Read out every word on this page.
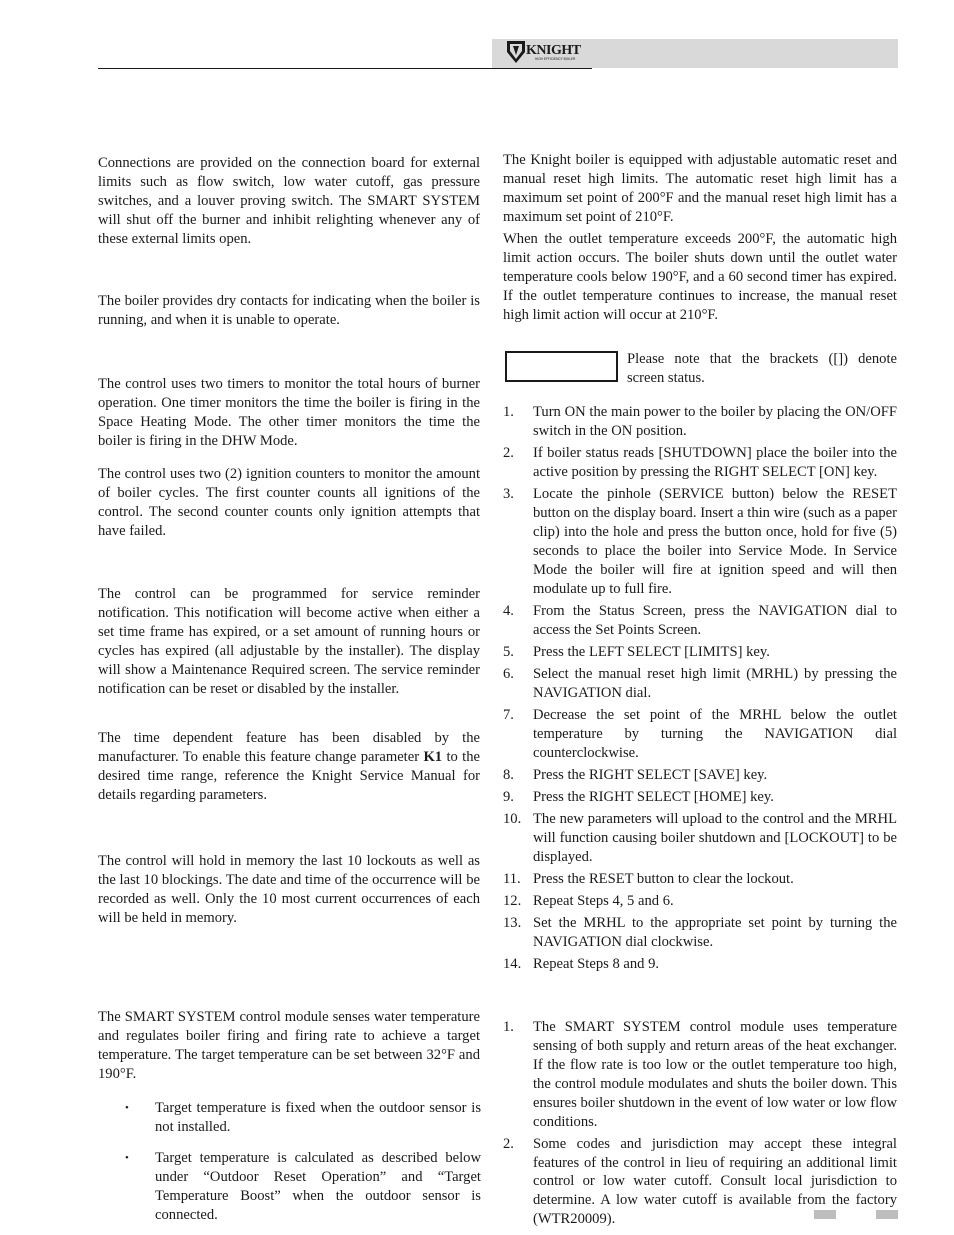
KNIGHT
HIGH EFFICIENCY BOILER

Connections are provided on the connection board for external limits such as flow switch, low water cutoff, gas pressure switches, and a louver proving switch. The SMART SYSTEM will shut off the burner and inhibit relighting whenever any of these external limits open.

The boiler provides dry contacts for indicating when the boiler is running, and when it is unable to operate.

The control uses two timers to monitor the total hours of burner operation. One timer monitors the time the boiler is firing in the Space Heating Mode. The other timer monitors the time the boiler is firing in the DHW Mode.

The control uses two (2) ignition counters to monitor the amount of boiler cycles. The first counter counts all ignitions of the control. The second counter counts only ignition attempts that have failed.

The control can be programmed for service reminder notification. This notification will become active when either a set time frame has expired, or a set amount of running hours or cycles has expired (all adjustable by the installer). The display will show a Maintenance Required screen. The service reminder notification can be reset or disabled by the installer.

The time dependent feature has been disabled by the manufacturer. To enable this feature change parameter K1 to the desired time range, reference the Knight Service Manual for details regarding parameters.

The control will hold in memory the last 10 lockouts as well as the last 10 blockings. The date and time of the occurrence will be recorded as well. Only the 10 most current occurrences of each will be held in memory.

The SMART SYSTEM control module senses water temperature and regulates boiler firing and firing rate to achieve a target temperature. The target temperature can be set between 32°F and 190°F.

• Target temperature is fixed when the outdoor sensor is not installed.
• Target temperature is calculated as described below under “Outdoor Reset Operation” and “Target Temperature Boost” when the outdoor sensor is connected.

The Knight boiler is equipped with adjustable automatic reset and manual reset high limits. The automatic reset high limit has a maximum set point of 200°F and the manual reset high limit has a maximum set point of 210°F.

When the outlet temperature exceeds 200°F, the automatic high limit action occurs. The boiler shuts down until the outlet water temperature cools below 190°F, and a 60 second timer has expired. If the outlet temperature continues to increase, the manual reset high limit action will occur at 210°F.

Please note that the brackets ([]) denote screen status.
1. Turn ON the main power to the boiler by placing the ON/OFF switch in the ON position.
2. If boiler status reads [SHUTDOWN] place the boiler into the active position by pressing the RIGHT SELECT [ON] key.
3. Locate the pinhole (SERVICE button) below the RESET button on the display board. Insert a thin wire (such as a paper clip) into the hole and press the button once, hold for five (5) seconds to place the boiler into Service Mode. In Service Mode the boiler will fire at ignition speed and will then modulate up to full fire.
4. From the Status Screen, press the NAVIGATION dial to access the Set Points Screen.
5. Press the LEFT SELECT [LIMITS] key.
6. Select the manual reset high limit (MRHL) by pressing the NAVIGATION dial.
7. Decrease the set point of the MRHL below the outlet temperature by turning the NAVIGATION dial counterclockwise.
8. Press the RIGHT SELECT [SAVE] key.
9. Press the RIGHT SELECT [HOME] key.
10. The new parameters will upload to the control and the MRHL will function causing boiler shutdown and [LOCKOUT] to be displayed.
11. Press the RESET button to clear the lockout.
12. Repeat Steps 4, 5 and 6.
13. Set the MRHL to the appropriate set point by turning the NAVIGATION dial clockwise.
14. Repeat Steps 8 and 9.
1. The SMART SYSTEM control module uses temperature sensing of both supply and return areas of the heat exchanger. If the flow rate is too low or the outlet temperature too high, the control module modulates and shuts the boiler down. This ensures boiler shutdown in the event of low water or low flow conditions.
2. Some codes and jurisdiction may accept these integral features of the control in lieu of requiring an additional limit control or low water cutoff. Consult local jurisdiction to determine. A low water cutoff is available from the factory (WTR20009).
